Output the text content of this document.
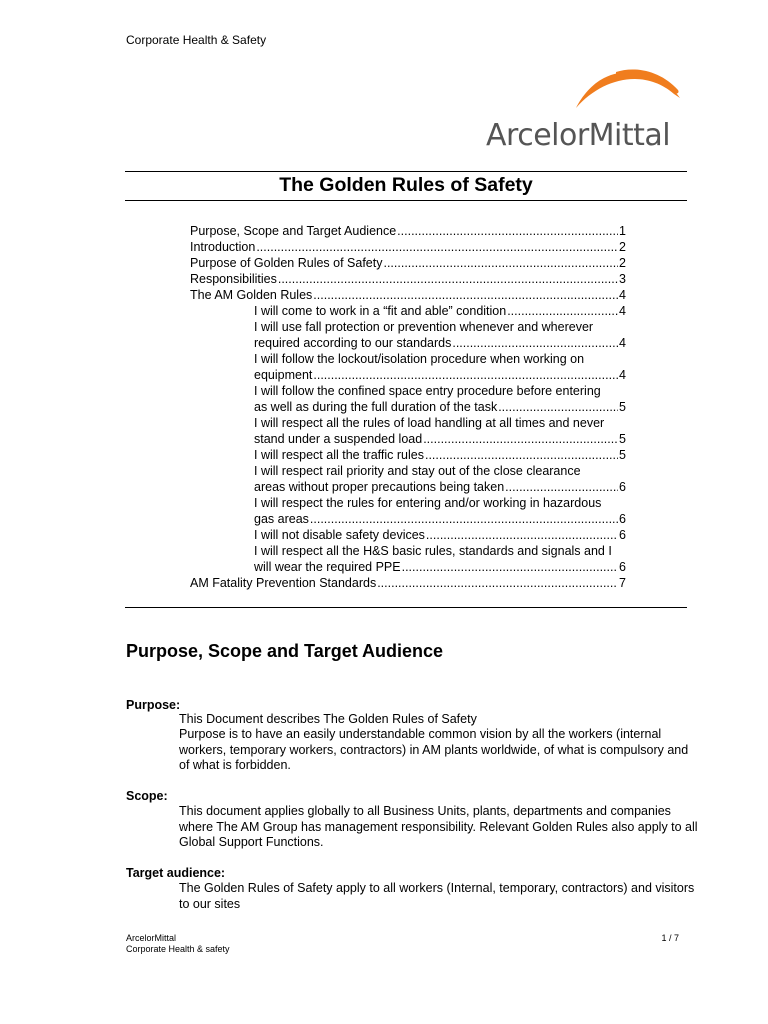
Corporate Health & Safety
ArcelorMittal
The Golden Rules of Safety
Purpose, Scope and Target Audience .....	1
Introduction .....	2
Purpose of Golden Rules of Safety .....	2
Responsibilities .....	3
The AM Golden Rules .....	4
I will come to work in a “fit and able” condition .....	4
I will use fall protection or prevention whenever and wherever
required according to our standards .....	4
I will follow the lockout/isolation procedure when working on
equipment .....	4
I will follow the confined space entry procedure before entering
as well as during the full duration of the task .....	5
I will respect all the rules of load handling at all times and never
stand under a suspended load .....	5
I will respect all the traffic rules .....	5
I will respect rail priority and stay out of the close clearance
areas without proper precautions being taken .....	6
I will respect the rules for entering and/or working in hazardous
gas areas .....	6
I will not disable safety devices .....	6
I will respect all the H&S basic rules, standards and signals and I
will wear the required PPE .....	6
AM Fatality Prevention Standards .....	7
Purpose, Scope and Target Audience
Purpose:
This Document describes The Golden Rules of Safety
Purpose is to have an easily understandable common vision by all the workers (internal workers, temporary workers, contractors) in AM plants worldwide, of what is compulsory and of what is forbidden.
Scope:
This document applies globally to all Business Units, plants, departments and companies where The AM Group has management responsibility. Relevant Golden Rules also apply to all Global Support Functions.
Target audience:
The Golden Rules of Safety apply to all workers (Internal, temporary, contractors) and visitors to our sites
ArcelorMittal
Corporate Health & safety
1 / 7
